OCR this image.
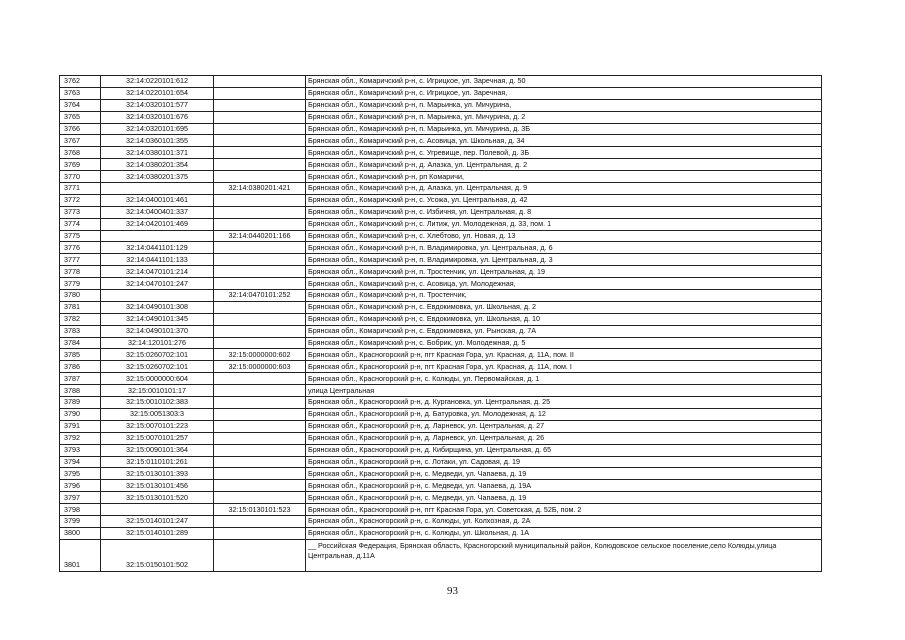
3762	32:14:0220101:612		Брянская обл., Комаричский р-н, с. Игрицкое, ул. Заречная, д. 50
3763	32:14:0220101:654		Брянская обл., Комаричский р-н, с. Игрицкое, ул. Заречная,
3764	32:14:0320101:577		Брянская обл., Комаричский р-н, п. Марьинка, ул. Мичурина,
3765	32:14:0320101:676		Брянская обл., Комаричский р-н, п. Марьинка, ул. Мичурина, д. 2
3766	32:14:0320101:695		Брянская обл., Комаричский р-н, п. Марьинка, ул. Мичурина, д. 3Б
3767	32:14:0360101:355		Брянская обл., Комаричский р-н, с. Асовица, ул. Школьная, д. 34
3768	32:14:0380101:371		Брянская обл., Комаричский р-н, с. Угревище, пер. Полевой, д. 3Б
3769	32:14:0380201:354		Брянская обл., Комаричский р-н, д. Алазка, ул. Центральная, д. 2
3770	32:14:0380201:375		Брянская обл., Комаричский р-н, рп Комаричи,
3771		32:14:0380201:421	Брянская обл., Комаричский р-н, д. Алазка, ул. Центральная, д. 9
3772	32:14:0400101:461		Брянская обл., Комаричский р-н, с. Усожа, ул. Центральная, д. 42
3773	32:14:0400401:337		Брянская обл., Комаричский р-н, с. Избичня, ул. Центральная, д. 8
3774	32:14:0420101:469		Брянская обл., Комаричский р-н, с. Литиж, ул. Молодежная, д. 33, пом. 1
3775		32:14:0440201:166	Брянская обл., Комаричский р-н, с. Хлебтово, ул. Новая, д. 13
3776	32:14:0441101:129		Брянская обл., Комаричский р-н, п. Владимировка, ул. Центральная, д. 6
3777	32:14:0441101:133		Брянская обл., Комаричский р-н, п. Владимировка, ул. Центральная, д. 3
3778	32:14:0470101:214		Брянская обл., Комаричский р-н, п. Тростенчик, ул. Центральная, д. 19
3779	32:14:0470101:247		Брянская обл., Комаричский р-н, с. Асовица, ул. Молодежная,
3780		32:14:0470101:252	Брянская обл., Комаричский р-н, п. Тростенчик,
3781	32:14:0490101:308		Брянская обл., Комаричский р-н, с. Евдокимовка, ул. Школьная, д. 2
3782	32:14:0490101:345		Брянская обл., Комаричский р-н, с. Евдокимовка, ул. Школьная, д. 10
3783	32:14:0490101:370		Брянская обл., Комаричский р-н, с. Евдокимовка, ул. Рынская, д. 7А
3784	32:14:120101:276		Брянская обл., Комаричский р-н, с. Бобрик, ул. Молодежная, д. 5
3785	32:15:0260702:101	32:15:0000000:602	Брянская обл., Красногорский р-н, пгт Красная Гора, ул. Красная, д. 11А, пом. II
3786	32:15:0260702:101	32:15:0000000:603	Брянская обл., Красногорский р-н, пгт Красная Гора, ул. Красная, д. 11А, пом. I
3787	32:15:0000000:604		Брянская обл., Красногорский р-н, с. Колюды, ул. Первомайская, д. 1
3788	32:15:0010101:17		улица Центральная
3789	32:15:0010102:383		Брянская обл., Красногорский р-н, д. Кургановка, ул. Центральная, д. 25
3790	32:15:0051303:3		Брянская обл., Красногорский р-н, д. Батуровка, ул. Молодежная, д. 12
3791	32:15:0070101:223		Брянская обл., Красногорский р-н, д. Ларневск, ул. Центральная, д. 27
3792	32:15:0070101:257		Брянская обл., Красногорский р-н, д. Ларневск, ул. Центральная, д. 26
3793	32:15:0090101:364		Брянская обл., Красногорский р-н, д. Кибирщина, ул. Центральная, д. 65
3794	32:15:0110101:261		Брянская обл., Красногорский р-н, с. Лотаки, ул. Садовая, д. 19
3795	32:15:0130101:393		Брянская обл., Красногорский р-н, с. Медведи, ул. Чапаева, д. 19
3796	32:15:0130101:456		Брянская обл., Красногорский р-н, с. Медведи, ул. Чапаева, д. 19А
3797	32:15:0130101:520		Брянская обл., Красногорский р-н, с. Медведи, ул. Чапаева, д. 19
3798		32:15:0130101:523	Брянская обл., Красногорский р-н, пгт Красная Гора, ул. Советская, д. 52Б, пом. 2
3799	32:15:0140101:247		Брянская обл., Красногорский р-н, с. Колюды, ул. Колхозная, д. 2А
3800	32:15:0140101:289		Брянская обл., Красногорский р-н, с. Колюды, ул. Школьная, д. 1А
3801	32:15:0150101:502		__ Российская Федерация, Брянская область, Красногорский муниципальный район, Колюдовское сельское поселение,село Колюды,улица Центральная, д.11А
93
